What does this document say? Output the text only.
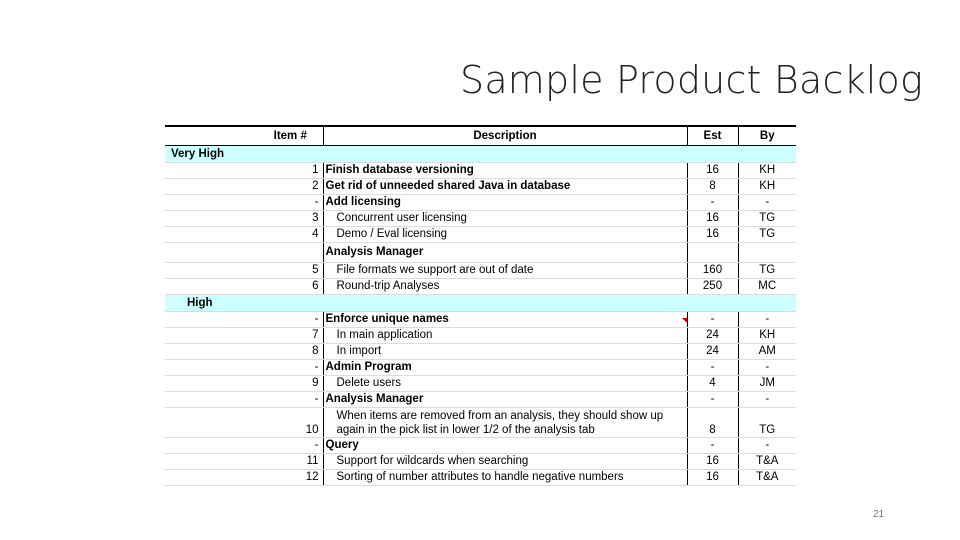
Sample Product Backlog
	Item #	Description	Est	By
Very High				
	1	Finish database versioning	16	KH
	2	Get rid of unneeded shared Java in database	8	KH
	-	Add licensing	-	-
	3	Concurrent user licensing	16	TG
	4	Demo / Eval licensing	16	TG
		Analysis Manager		
	5	File formats we support are out of date	160	TG
	6	Round-trip Analyses	250	MC
High				
	-	Enforce unique names	-	-
	7	In main application	24	KH
	8	In import	24	AM
	-	Admin Program	-	-
	9	Delete users	4	JM
	-	Analysis Manager	-	-
	10	When items are removed from an analysis, they should show up again in the pick list in lower 1/2 of the analysis tab	8	TG
	-	Query	-	-
	11	Support for wildcards when searching	16	T&A
	12	Sorting of number attributes to handle negative numbers	16	T&A
21
